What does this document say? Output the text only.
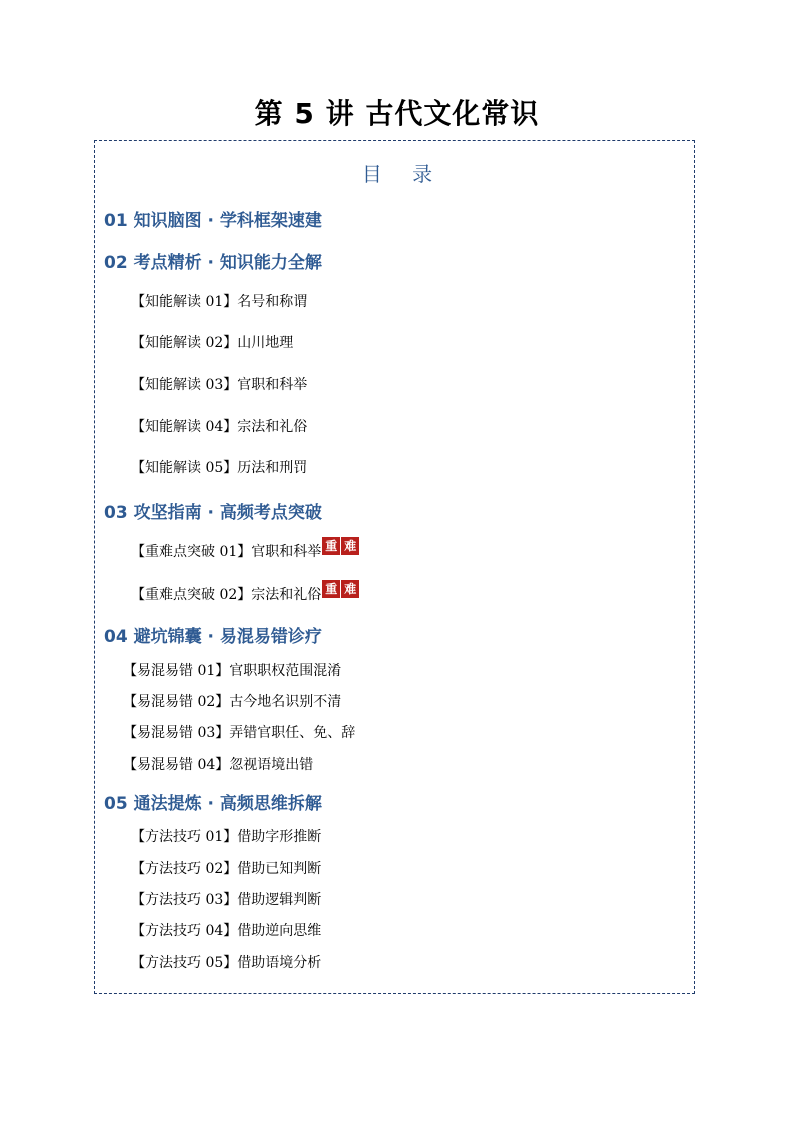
第 5 讲 古代文化常识
目 录
01 知识脑图 · 学科框架速建
02 考点精析 · 知识能力全解
【知能解读 01】名号和称谓
【知能解读 02】山川地理
【知能解读 03】官职和科举
【知能解读 04】宗法和礼俗
【知能解读 05】历法和刑罚
03 攻坚指南 · 高频考点突破
【重难点突破 01】官职和科举 重 难
【重难点突破 02】宗法和礼俗 重 难
04 避坑锦囊 · 易混易错诊疗
【易混易错 01】官职职权范围混淆
【易混易错 02】古今地名识别不清
【易混易错 03】弄错官职任、免、辞
【易混易错 04】忽视语境出错
05 通法提炼 · 高频思维拆解
【方法技巧 01】借助字形推断
【方法技巧 02】借助已知判断
【方法技巧 03】借助逻辑判断
【方法技巧 04】借助逆向思维
【方法技巧 05】借助语境分析
